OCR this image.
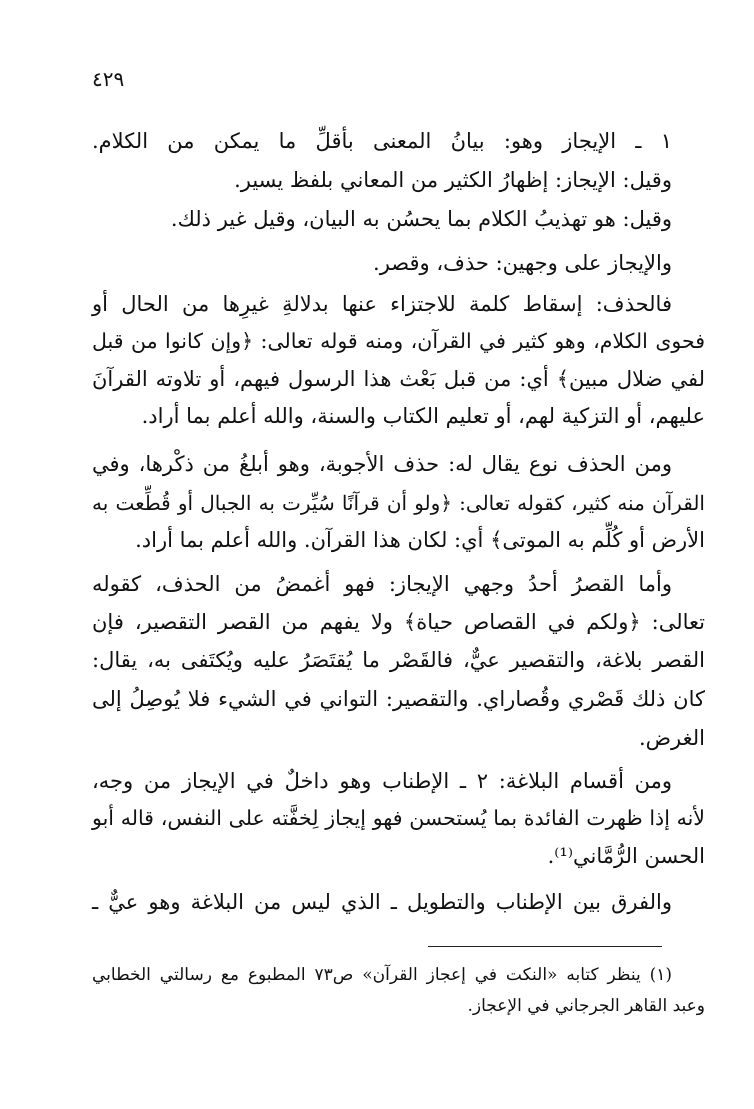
٤٢٩
١ ـ الإيجاز وهو: بيانُ المعنى بأقلِّ ما يمكن من الكلام.
وقيل: الإيجاز: إظهارُ الكثير من المعاني بلفظ يسير.
وقيل: هو تهذيبُ الكلام بما يحسُن به البيان، وقيل غير ذلك.
والإيجاز على وجهين: حذف، وقصر.
فالحذف: إسقاط كلمة للاجتزاء عنها بدلالةِ غيرِها من الحال أو
فحوى الكلام، وهو كثير في القرآن، ومنه قوله تعالى: ﴿وإن كانوا من قبل
لفي ضلال مبين﴾ أي: من قبل بَعْث هذا الرسول فيهم، أو تلاوته القرآنَ
عليهم، أو التزكية لهم، أو تعليم الكتاب والسنة، والله أعلم بما أراد.
ومن الحذف نوع يقال له: حذف الأجوبة، وهو أبلغُ من ذكْرها، وفي
القرآن منه كثير، كقوله تعالى: ﴿ولو أن قرآنًا سُيِّرت به الجبال أو قُطِّعت به
الأرض أو كُلِّم به الموتى﴾ أي: لكان هذا القرآن. والله أعلم بما أراد.
وأما القصرُ أحدُ وجهي الإيجاز: فهو أغمضُ من الحذف، كقوله
تعالى: ﴿ولكم في القصاص حياة﴾ ولا يفهم من القصر التقصير، فإن
القصر بلاغة، والتقصير عيٌّ، فالقَصْر ما يُقتَصَرُ عليه ويُكتَفى به، يقال:
كان ذلك قَصْري وقُصاراي. والتقصير: التواني في الشيء فلا يُوصِلُ إلى
الغرض.
ومن أقسام البلاغة: ٢ ـ الإطناب وهو داخلٌ في الإيجاز من وجه،
لأنه إذا ظهرت الفائدة بما يُستحسن فهو إيجاز لِخفَّته على النفس، قاله أبو
الحسن الرُّمَّاني⁽¹⁾.
والفرق بين الإطناب والتطويل ـ الذي ليس من البلاغة وهو عيٌّ ـ
(١) ينظر كتابه «النكت في إعجاز القرآن» ص٧٣ المطبوع مع رسالتي الخطابي
وعبد القاهر الجرجاني في الإعجاز.
